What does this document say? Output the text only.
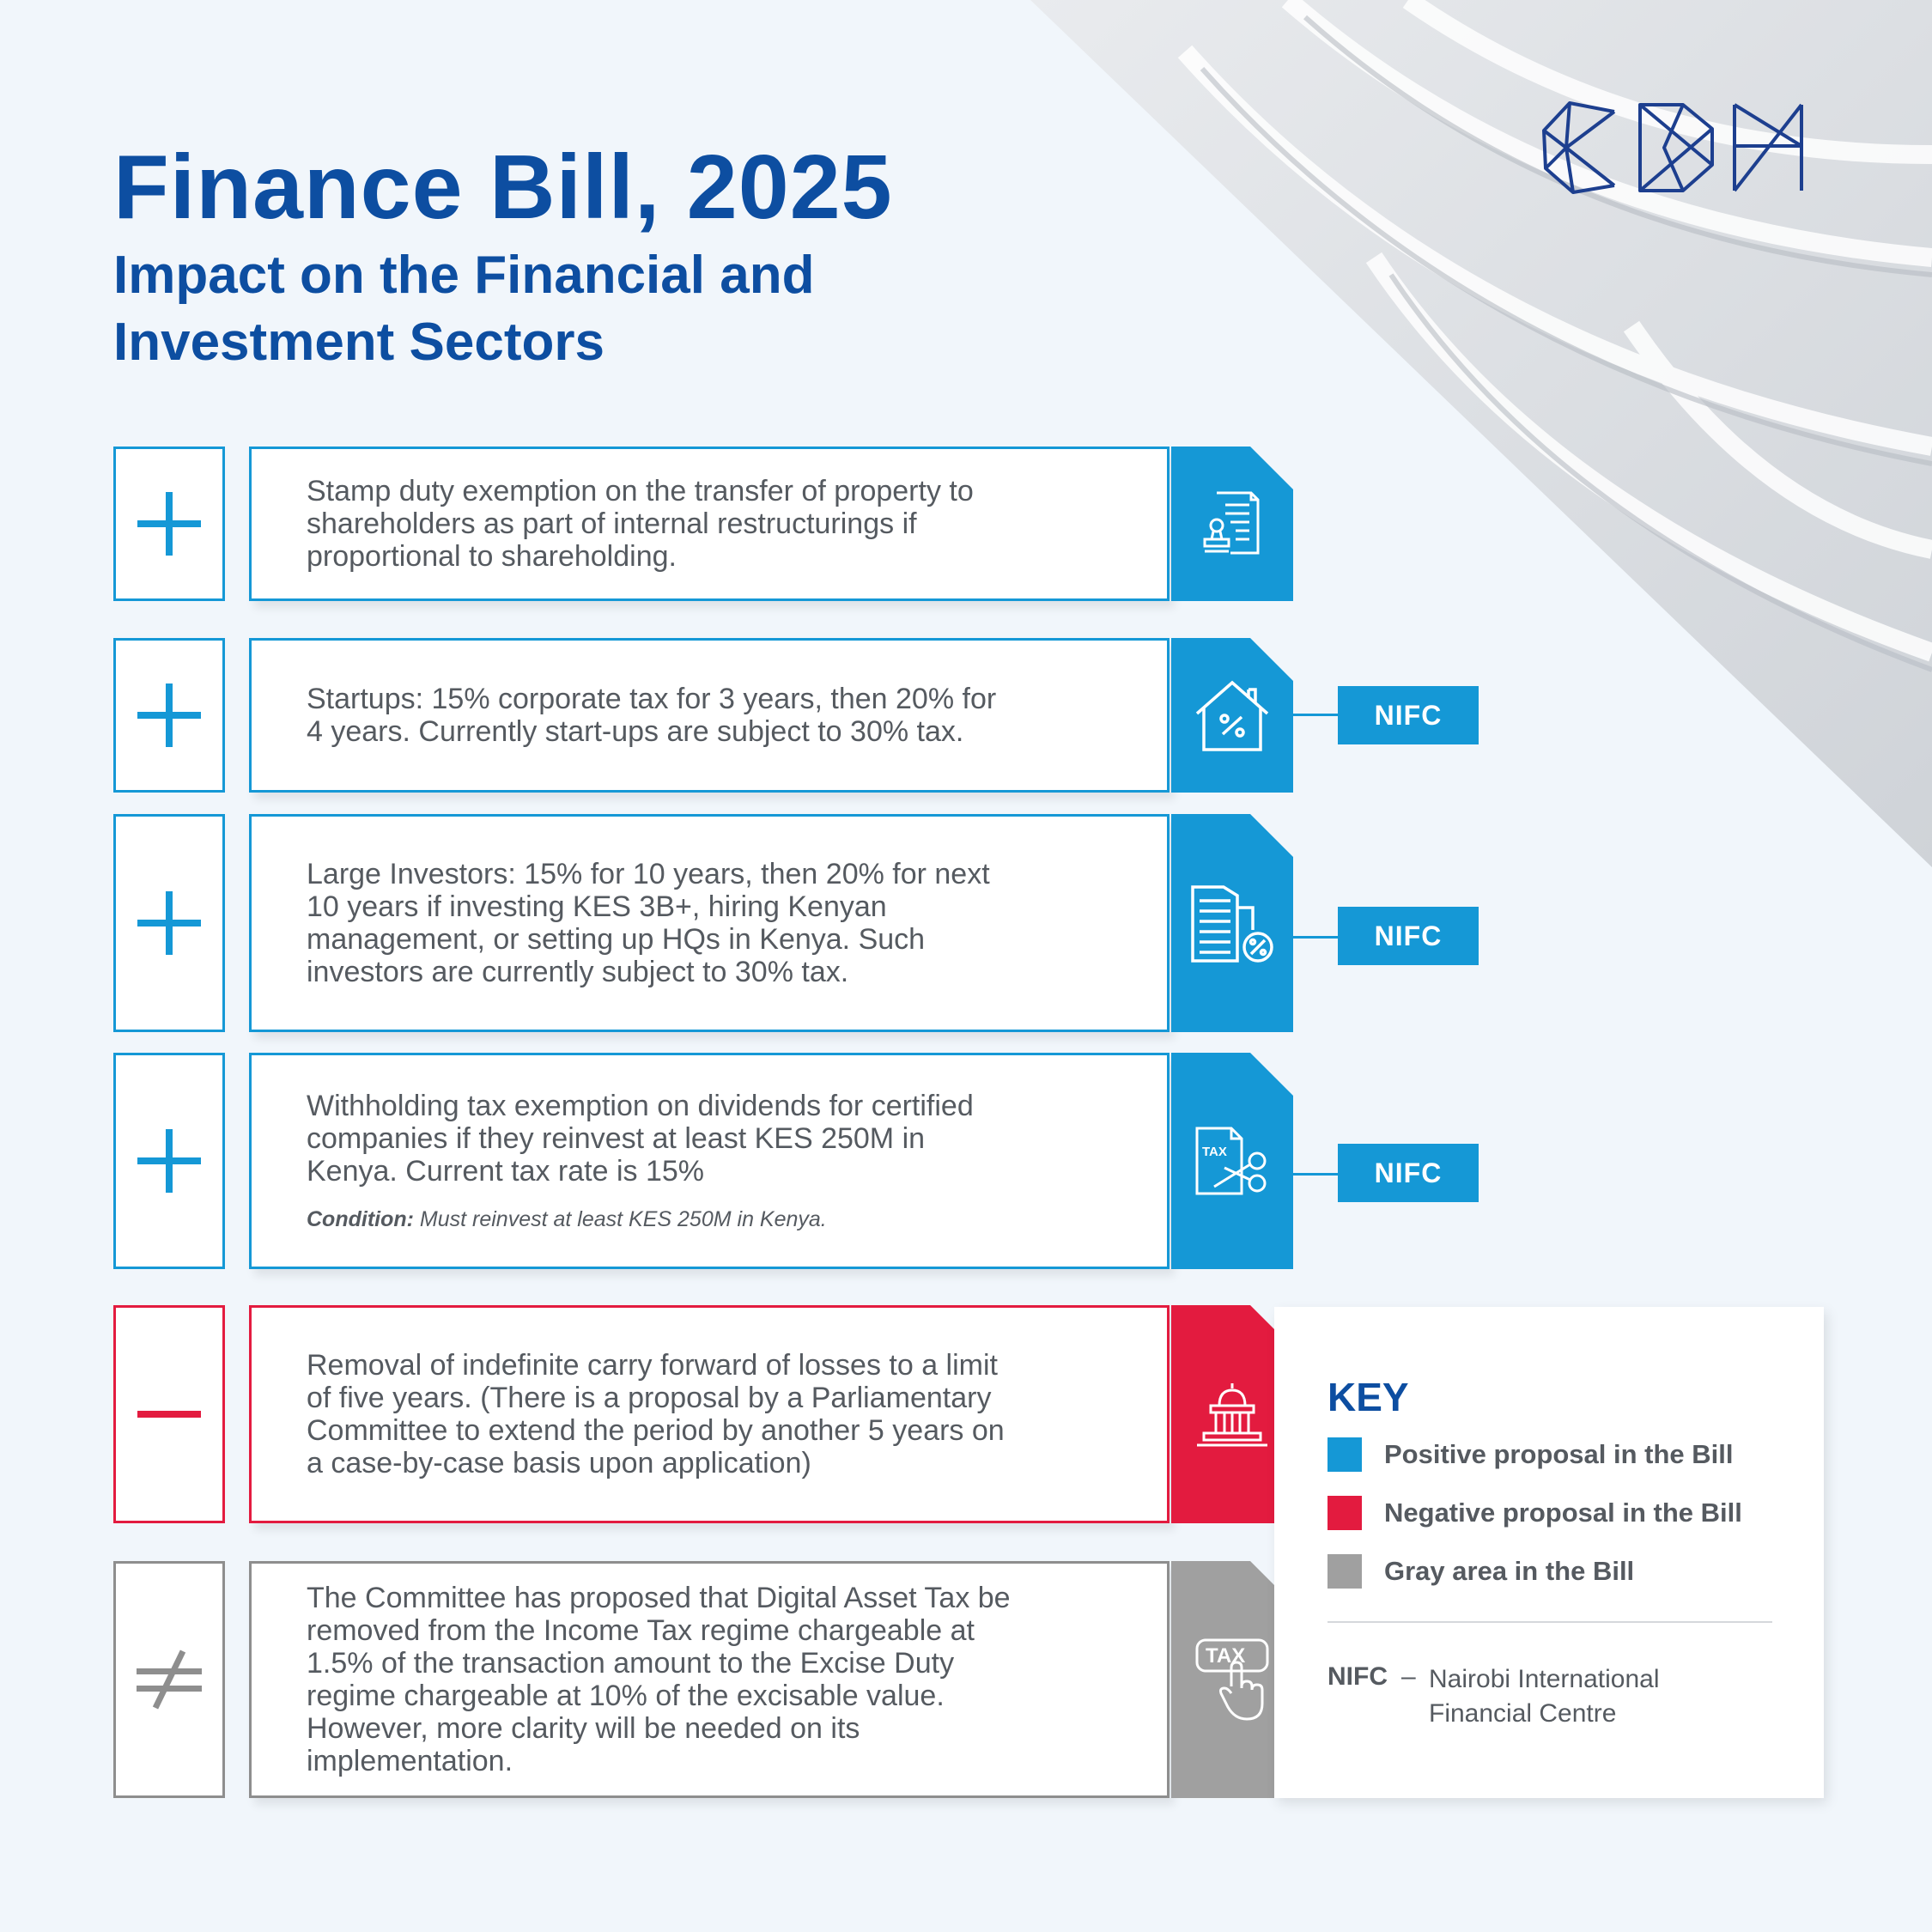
CDH
Finance Bill, 2025
Impact on the Financial and Investment Sectors
Stamp duty exemption on the transfer of property to shareholders as part of internal restructurings if proportional to shareholding.
Startups: 15% corporate tax for 3 years, then 20% for 4 years. Currently start-ups are subject to 30% tax.
NIFC
Large Investors: 15% for 10 years, then 20% for next 10 years if investing KES 3B+, hiring Kenyan management, or setting up HQs in Kenya. Such investors are currently subject to 30% tax.
NIFC
Withholding tax exemption on dividends for certified companies if they reinvest at least KES 250M in Kenya. Current tax rate is 15%
Condition: Must reinvest at least KES 250M in Kenya.
TAX
NIFC
Removal of indefinite carry forward of losses to a limit of five years. (There is a proposal by a Parliamentary Committee to extend the period by another 5 years on a case-by-case basis upon application)
The Committee has proposed that Digital Asset Tax be removed from the Income Tax regime chargeable at 1.5% of the transaction amount to the Excise Duty regime chargeable at 10% of the excisable value. However, more clarity will be needed on its implementation.
TAX
KEY
Positive proposal in the Bill
Negative proposal in the Bill
Gray area in the Bill
NIFC – Nairobi International Financial Centre
